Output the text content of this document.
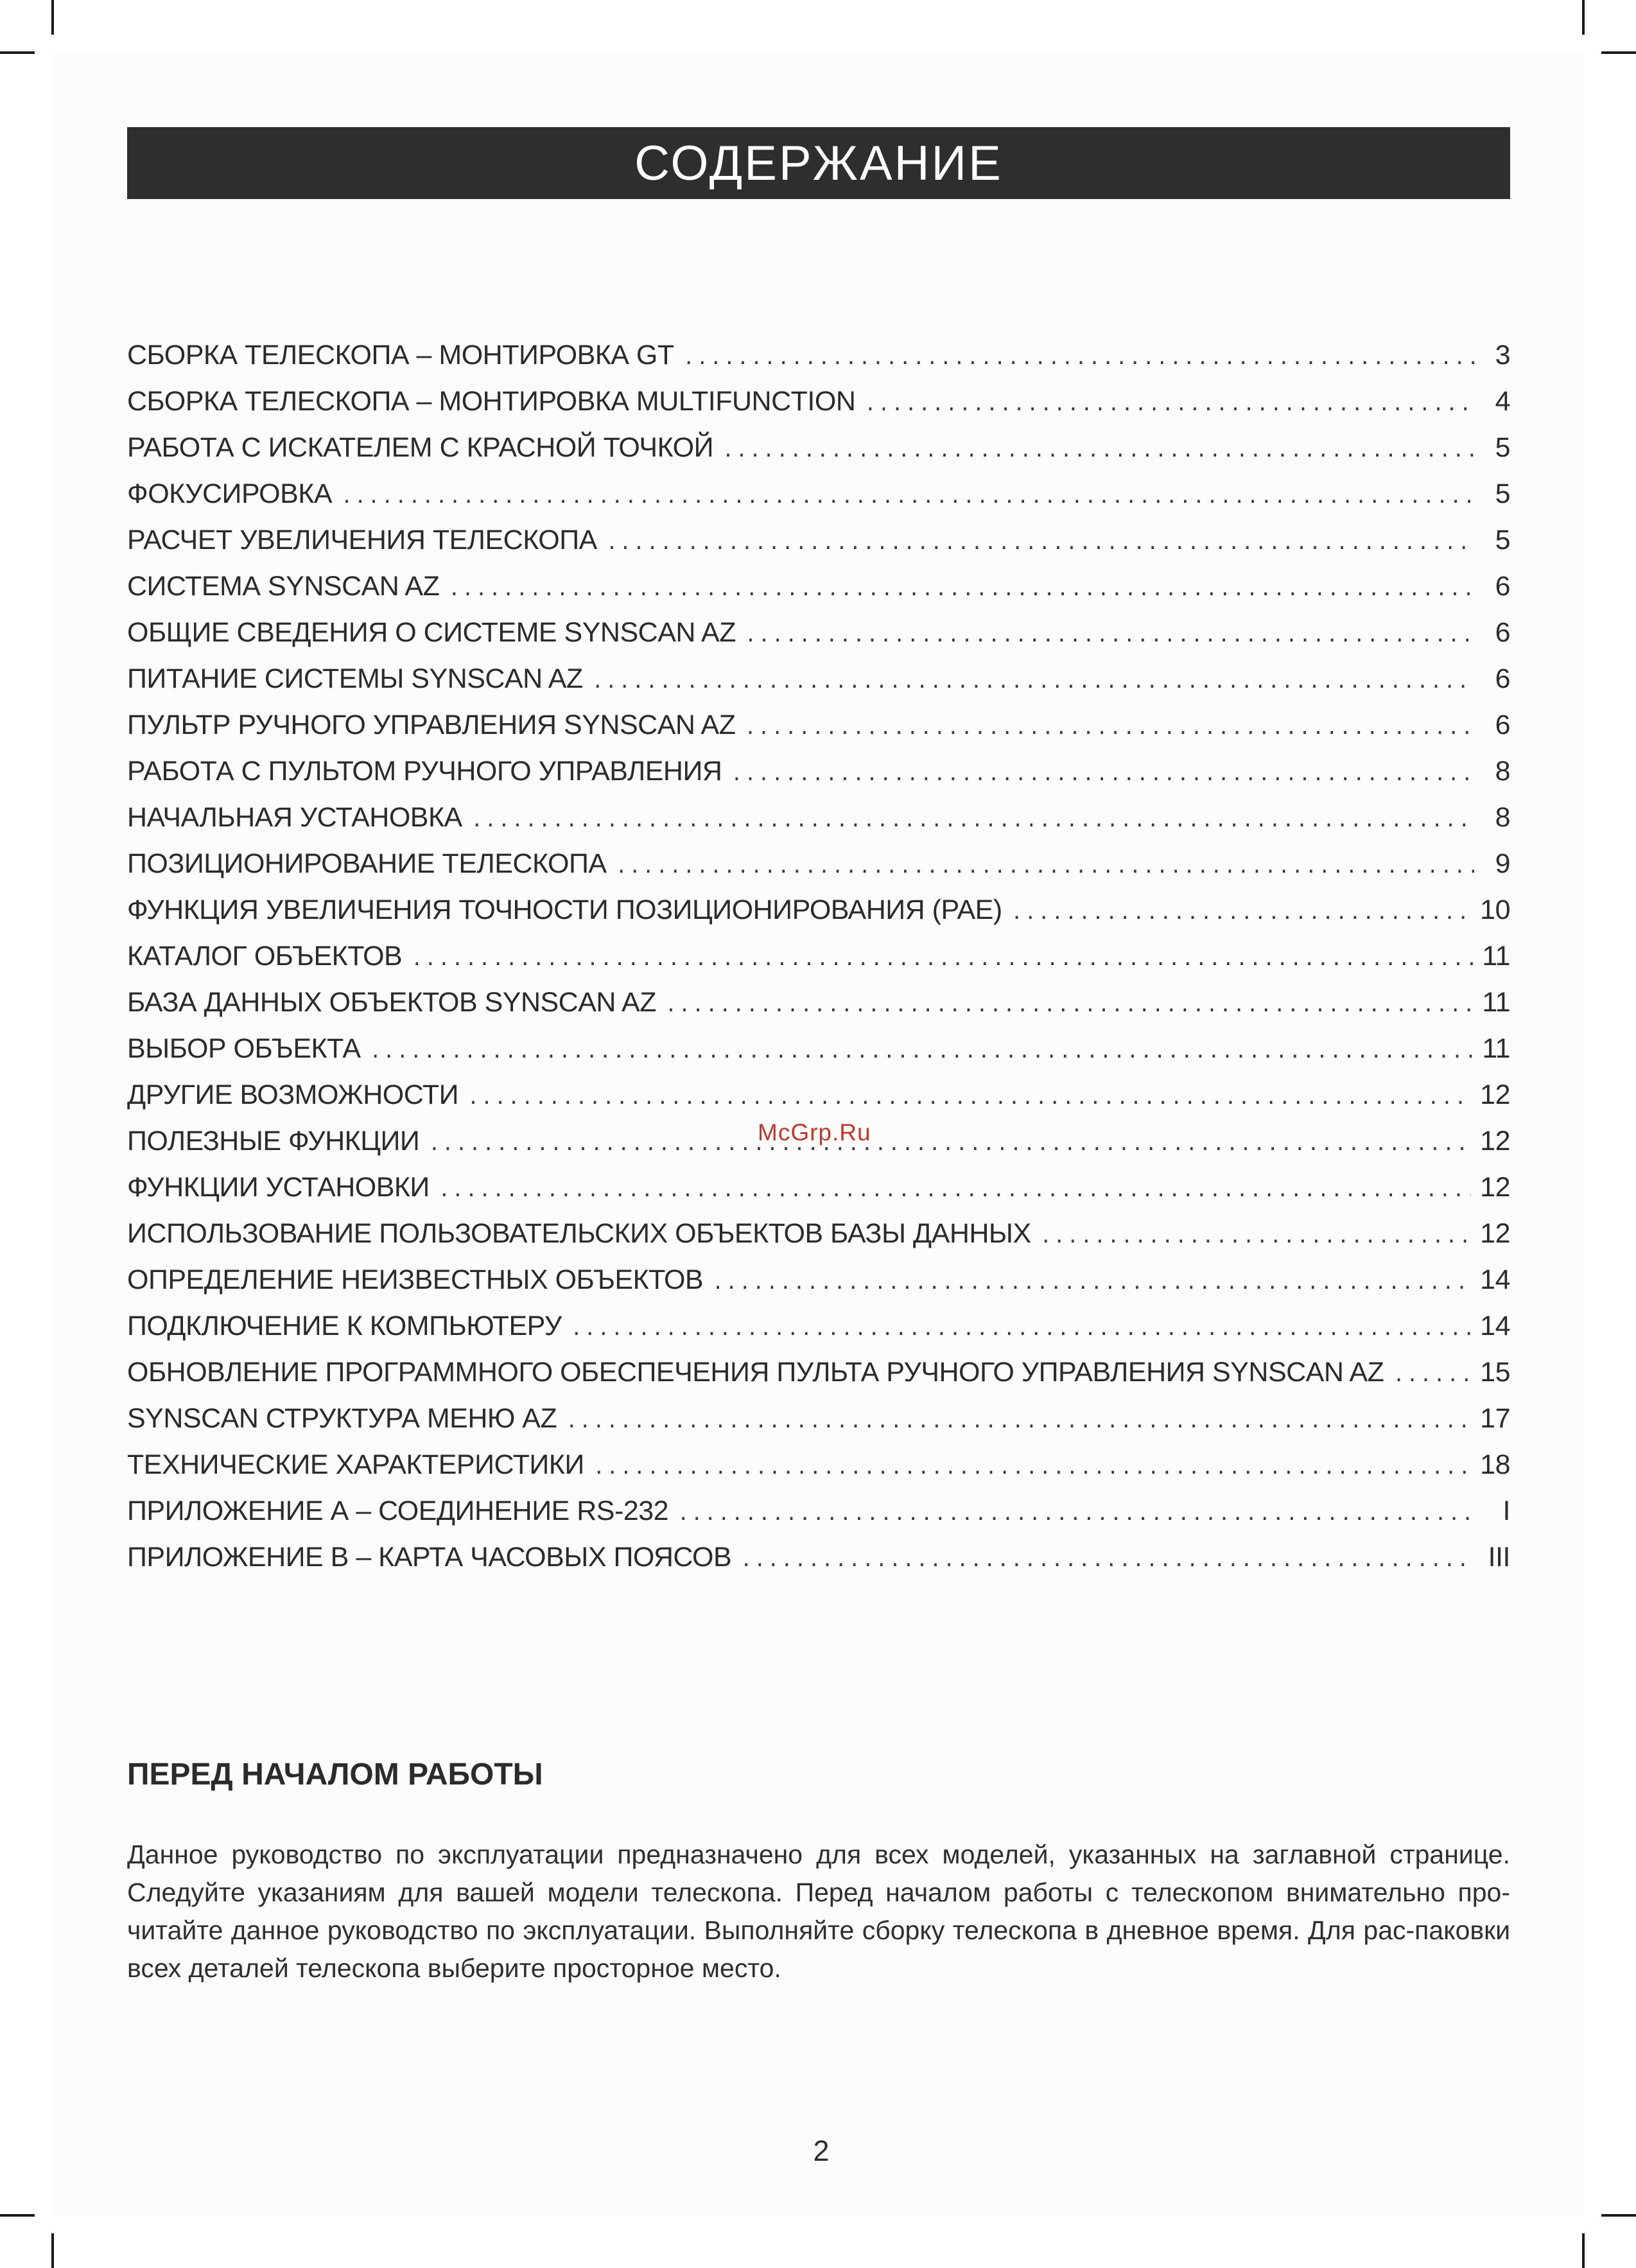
СОДЕРЖАНИЕ
СБОРКА ТЕЛЕСКОПА – МОНТИРОВКА GT .....	3
СБОРКА ТЕЛЕСКОПА – МОНТИРОВКА MULTIFUNCTION .....	4
РАБОТА С ИСКАТЕЛЕМ С КРАСНОЙ ТОЧКОЙ .....	5
ФОКУСИРОВКА .....	5
РАСЧЕТ УВЕЛИЧЕНИЯ ТЕЛЕСКОПА .....	5
СИСТЕМА SYNSCAN AZ .....	6
ОБЩИЕ СВЕДЕНИЯ О СИСТЕМЕ SYNSCAN AZ .....	6
ПИТАНИЕ СИСТЕМЫ SYNSCAN AZ .....	6
ПУЛЬТР РУЧНОГО УПРАВЛЕНИЯ SYNSCAN AZ .....	6
РАБОТА С ПУЛЬТОМ РУЧНОГО УПРАВЛЕНИЯ .....	8
НАЧАЛЬНАЯ УСТАНОВКА .....	8
ПОЗИЦИОНИРОВАНИЕ ТЕЛЕСКОПА .....	9
ФУНКЦИЯ УВЕЛИЧЕНИЯ ТОЧНОСТИ ПОЗИЦИОНИРОВАНИЯ (PAE) .....	10
КАТАЛОГ ОБЪЕКТОВ .....	11
БАЗА ДАННЫХ ОБЪЕКТОВ SYNSCAN AZ .....	11
ВЫБОР ОБЪЕКТА .....	11
ДРУГИЕ ВОЗМОЖНОСТИ .....	12
ПОЛЕЗНЫЕ ФУНКЦИИ .....	12
ФУНКЦИИ УСТАНОВКИ .....	12
ИСПОЛЬЗОВАНИЕ ПОЛЬЗОВАТЕЛЬСКИХ ОБЪЕКТОВ БАЗЫ ДАННЫХ .....	12
ОПРЕДЕЛЕНИЕ НЕИЗВЕСТНЫХ ОБЪЕКТОВ .....	14
ПОДКЛЮЧЕНИЕ К КОМПЬЮТЕРУ .....	14
ОБНОВЛЕНИЕ ПРОГРАММНОГО ОБЕСПЕЧЕНИЯ ПУЛЬТА РУЧНОГО УПРАВЛЕНИЯ SYNSCAN AZ .....	15
SYNSCAN СТРУКТУРА МЕНЮ AZ .....	17
ТЕХНИЧЕСКИЕ ХАРАКТЕРИСТИКИ .....	18
ПРИЛОЖЕНИЕ А – СОЕДИНЕНИЕ RS-232 .....	I
ПРИЛОЖЕНИЕ В – КАРТА ЧАСОВЫХ ПОЯСОВ .....	III
McGrp.Ru
ПЕРЕД НАЧАЛОМ РАБОТЫ

Данное руководство по эксплуатации предназначено для всех моделей, указанных на заглавной странице. Следуйте указаниям для вашей модели телескопа. Перед началом работы с телескопом внимательно про-читайте данное руководство по эксплуатации. Выполняйте сборку телескопа в дневное время. Для рас-паковки всех деталей телескопа выберите просторное место.

2
